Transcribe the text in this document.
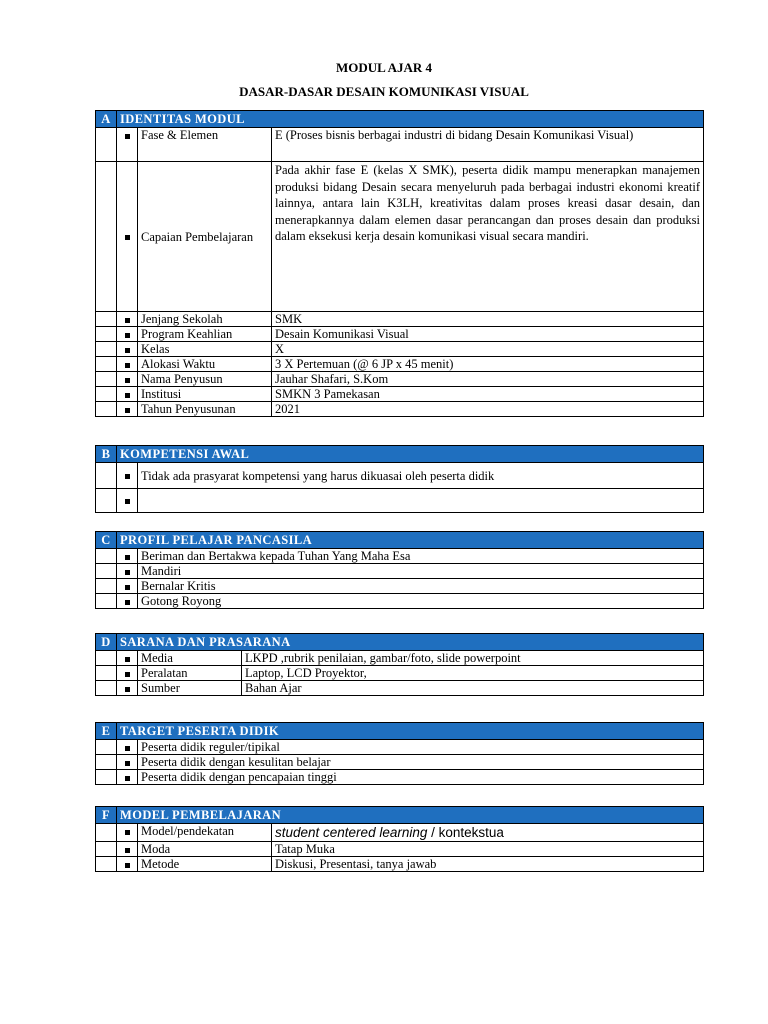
MODUL AJAR 4
DASAR-DASAR DESAIN KOMUNIKASI VISUAL
A	IDENTITAS MODUL		
		Fase & Elemen	E (Proses bisnis berbagai industri di bidang Desain Komunikasi Visual)
		Capaian Pembelajaran	Pada akhir fase E (kelas X SMK), peserta didik mampu menerapkan manajemen produksi bidang Desain secara menyeluruh pada berbagai industri ekonomi kreatif lainnya, antara lain K3LH, kreativitas dalam proses kreasi dasar desain, dan menerapkannya dalam elemen dasar perancangan dan proses desain dan produksi dalam eksekusi kerja desain komunikasi visual secara mandiri.
		Jenjang Sekolah	SMK
		Program Keahlian	Desain Komunikasi Visual
		Kelas	X
		Alokasi Waktu	3 X Pertemuan (@ 6 JP x 45 menit)
		Nama Penyusun	Jauhar Shafari, S.Kom
		Institusi	SMKN 3 Pamekasan
		Tahun Penyusunan	2021
B	KOMPETENSI AWAL	
		Tidak ada prasyarat kompetensi yang harus dikuasai oleh peserta didik

C	PROFIL PELAJAR PANCASILA	
		Beriman dan Bertakwa kepada Tuhan Yang Maha Esa
		Mandiri
		Bernalar Kritis
		Gotong Royong
D	SARANA DAN PRASARANA		
		Media	LKPD ,rubrik penilaian, gambar/foto, slide powerpoint
		Peralatan	Laptop, LCD Proyektor,
		Sumber	Bahan Ajar
E	TARGET PESERTA DIDIK	
		Peserta didik reguler/tipikal
		Peserta didik dengan kesulitan belajar
		Peserta didik dengan pencapaian tinggi
F	MODEL PEMBELAJARAN		
		Model/pendekatan	student centered learning / kontekstua
		Moda	Tatap Muka
		Metode	Diskusi, Presentasi, tanya jawab
